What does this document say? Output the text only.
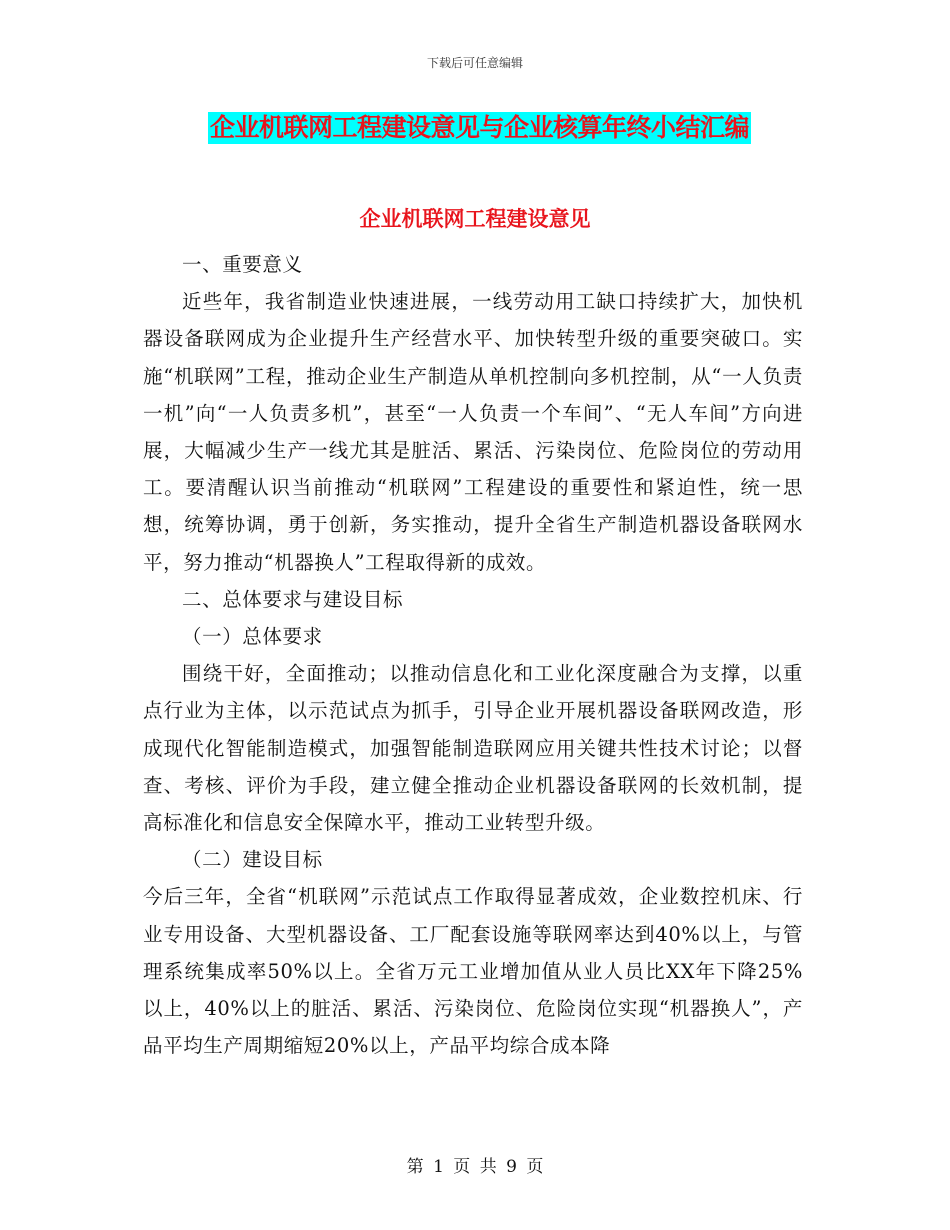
下载后可任意编辑
企业机联网工程建设意见与企业核算年终小结汇编
企业机联网工程建设意见

一、重要意义

近些年，我省制造业快速进展，一线劳动用工缺口持续扩大，加快机器设备联网成为企业提升生产经营水平、加快转型升级的重要突破口。实施“机联网”工程，推动企业生产制造从单机控制向多机控制，从“一人负责一机”向“一人负责多机”，甚至“一人负责一个车间”、“无人车间”方向进展，大幅减少生产一线尤其是脏活、累活、污染岗位、危险岗位的劳动用工。要清醒认识当前推动“机联网”工程建设的重要性和紧迫性，统一思想，统筹协调，勇于创新，务实推动，提升全省生产制造机器设备联网水平，努力推动“机器换人”工程取得新的成效。

二、总体要求与建设目标

（一）总体要求

围绕干好，全面推动；以推动信息化和工业化深度融合为支撑，以重点行业为主体，以示范试点为抓手，引导企业开展机器设备联网改造，形成现代化智能制造模式，加强智能制造联网应用关键共性技术讨论；以督查、考核、评价为手段，建立健全推动企业机器设备联网的长效机制，提高标准化和信息安全保障水平，推动工业转型升级。

（二）建设目标

今后三年，全省“机联网”示范试点工作取得显著成效，企业数控机床、行业专用设备、大型机器设备、工厂配套设施等联网率达到40%以上，与管理系统集成率50%以上。全省万元工业增加值从业人员比XX年下降25%以上，40%以上的脏活、累活、污染岗位、危险岗位实现“机器换人”，产品平均生产周期缩短20%以上，产品平均综合成本降

第 1 页 共 9 页
